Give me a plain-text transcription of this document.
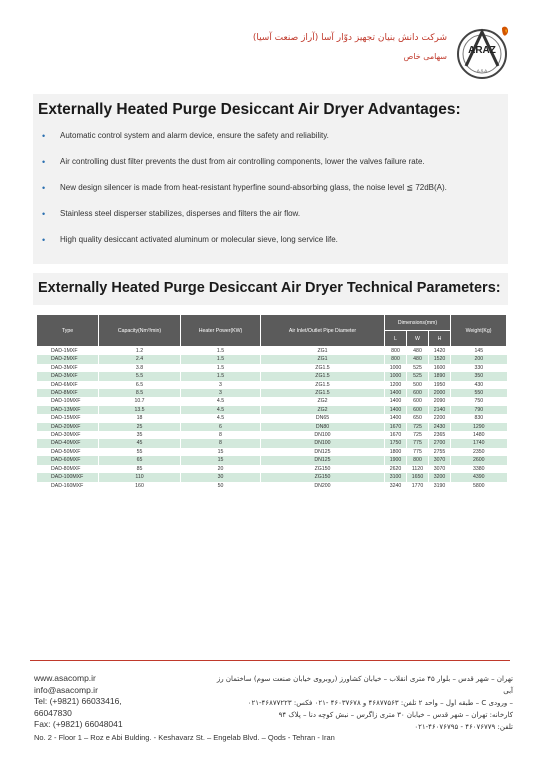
شرکت دانش بنیان تجهیز دوّار آسا (آراز صنعت آسیا)
سهامی خاص
ARAZ
A.S.A
Externally Heated Purge Desiccant Air Dryer Advantages:
• Automatic control system and alarm device, ensure the safety and reliability.
• Air controlling dust filter prevents the dust from air controlling components, lower the valves failure rate.
• New design silencer is made from heat-resistant hyperfine sound-absorbing glass, the noise level ≦ 72dB(A).
• Stainless steel disperser stabilizes, disperses and filters the air flow.
• High quality desiccant activated aluminum or molecular sieve, long service life.
Externally Heated Purge Desiccant Air Dryer Technical Parameters:
Type	Capacity(Nm³/min)	Heater Power(KW)	Air Inlet/Outlet Pipe Diameter	Dimensions(mm)			Weight(Kg)
				L	W	H	
DAD-1MXF	1.2	1.5	ZG1	800	480	1420	145
DAD-2MXF	2.4	1.5	ZG1	800	480	1520	200
DAD-3MXF	3.8	1.5	ZG1.5	1000	525	1600	330
DAD-3MXF	5.5	1.5	ZG1.5	1000	525	1890	350
DAD-6MXF	6.5	3	ZG1.5	1200	500	1950	430
DAD-8MXF	8.5	3	ZG1.5	1400	600	2000	550
DAD-10MXF	10.7	4.5	ZG2	1400	600	2090	750
DAD-13MXF	13.5	4.5	ZG2	1400	600	2140	790
DAD-15MXF	18	4.5	DN65	1400	650	2200	830
DAD-20MXF	25	6	DN80	1670	725	2430	1290
DAD-30MXF	35	8	DN100	1670	725	2365	1480
DAD-40MXF	45	8	DN100	1750	775	2700	1740
DAD-50MXF	55	15	DN125	1800	775	2755	2350
DAD-60MXF	65	15	DN125	1900	800	3070	2600
DAD-80MXF	85	20	ZG150	2620	1120	3070	3380
DAD-100MXF	110	30	ZG150	3100	1650	3200	4390
DAD-160MXF	160	50	DN200	3240	1770	3190	5800
www.asacomp.ir
info@asacomp.ir
Tel: (+9821) 66033416,
66047830
Fax: (+9821) 66048041
تهران – شهر قدس – بلوار ۴۵ متری انقلاب – خیابان کشاورز (روبروی خیابان صنعت سوم) ساختمان رز آبی
– ورودی C – طبقه اول – واحد ۲ تلفن: ۴۶۸۷۷۵۶۳ و ۴۶۰۳۷۶۷۸ -۰۲۱ فکس: ۴۶۸۷۷۲۲۳-۰۲۱
کارخانه: تهران – شهر قدس – خیابان ۳۰ متری زاگرس – نبش کوچه دنا – پلاک ۹۴
تلفن: ۴۶۰۷۶۷۷۹ - ۴۶۰۷۶۷۹۵-۰۲۱
No. 2 - Floor 1 – Roz e Abi Bulding. - Keshavarz St. – Engelab Blvd. – Qods - Tehran - Iran
